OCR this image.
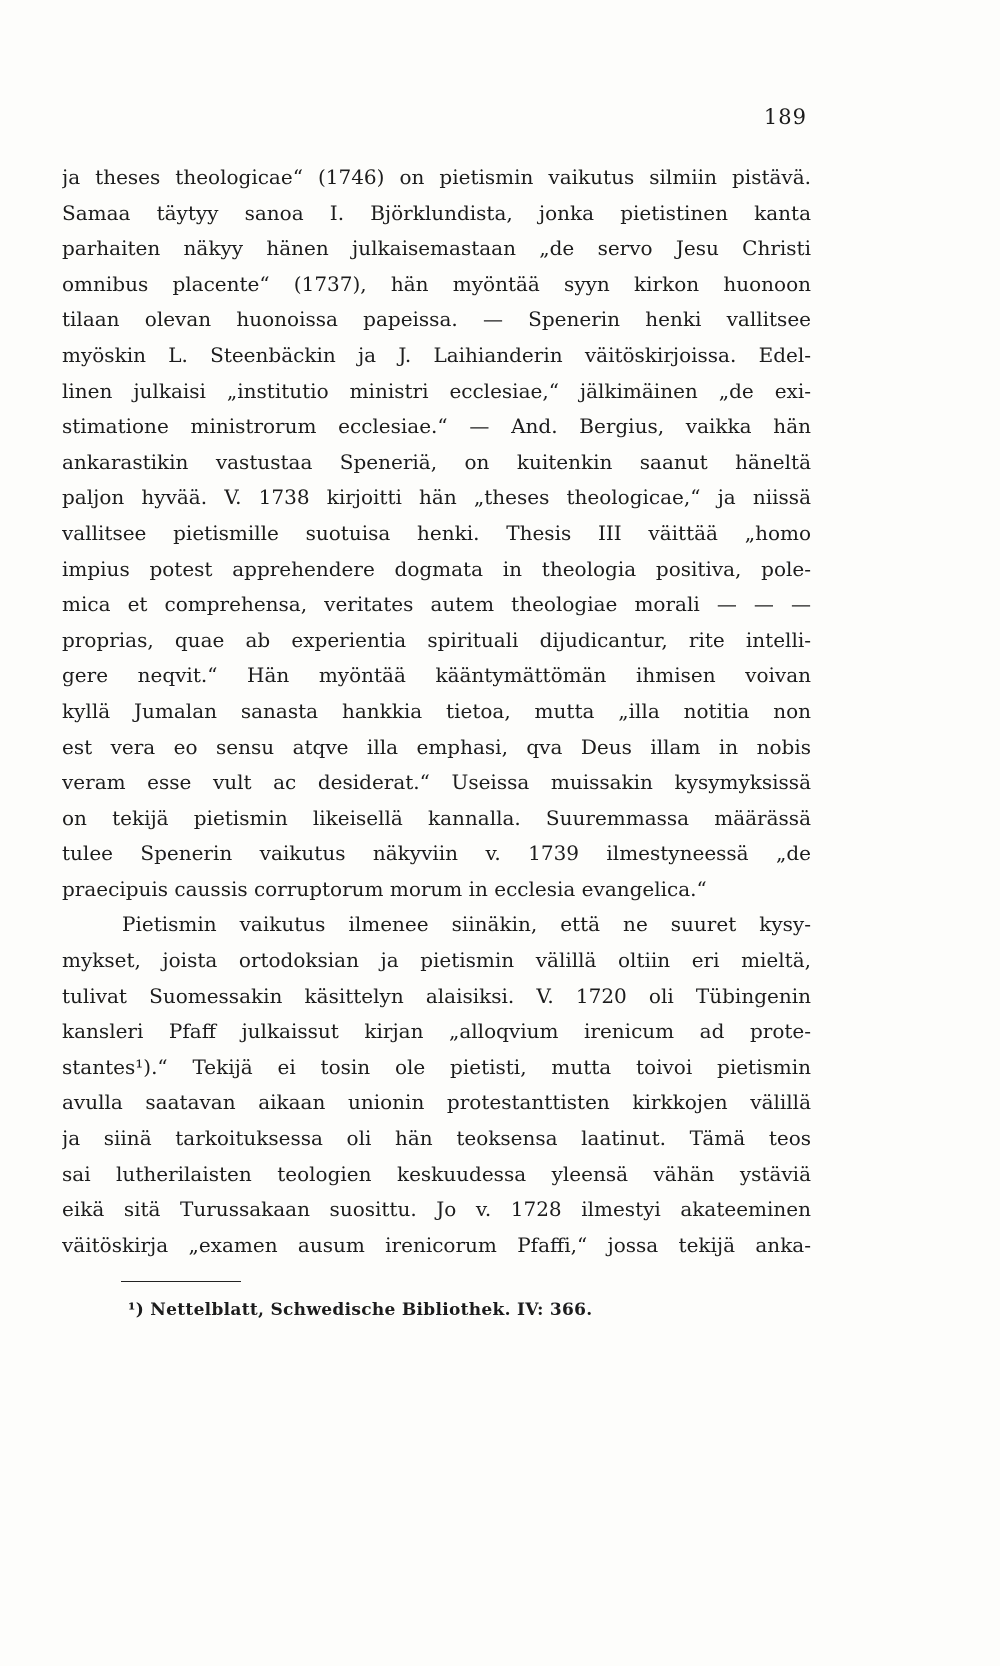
189
ja theses theologicae“ (1746) on pietismin vaikutus silmiin pistävä.
Samaa täytyy sanoa I. Björklundista, jonka pietistinen kanta
parhaiten näkyy hänen julkaisemastaan „de servo Jesu Christi
omnibus placente“ (1737), hän myöntää syyn kirkon huonoon
tilaan olevan huonoissa papeissa. — Spenerin henki vallitsee
myöskin L. Steenbäckin ja J. Laihianderin väitöskirjoissa. Edel-
linen julkaisi „institutio ministri ecclesiae,“ jälkimäinen „de exi-
stimatione ministrorum ecclesiae.“ — And. Bergius, vaikka hän
ankarastikin vastustaa Speneriä, on kuitenkin saanut häneltä
paljon hyvää. V. 1738 kirjoitti hän „theses theologicae,“ ja niissä
vallitsee pietismille suotuisa henki. Thesis III väittää „homo
impius potest apprehendere dogmata in theologia positiva, pole-
mica et comprehensa, veritates autem theologiae morali — — —
proprias, quae ab experientia spirituali dijudicantur, rite intelli-
gere neqvit.“ Hän myöntää kääntymättömän ihmisen voivan
kyllä Jumalan sanasta hankkia tietoa, mutta „illa notitia non
est vera eo sensu atqve illa emphasi, qva Deus illam in nobis
veram esse vult ac desiderat.“ Useissa muissakin kysymyksissä
on tekijä pietismin likeisellä kannalla. Suuremmassa määrässä
tulee Spenerin vaikutus näkyviin v. 1739 ilmestyneessä „de
praecipuis caussis corruptorum morum in ecclesia evangelica.“
Pietismin vaikutus ilmenee siinäkin, että ne suuret kysy-
mykset, joista ortodoksian ja pietismin välillä oltiin eri mieltä,
tulivat Suomessakin käsittelyn alaisiksi. V. 1720 oli Tübingenin
kansleri Pfaff julkaissut kirjan „alloqvium irenicum ad prote-
stantes¹).“ Tekijä ei tosin ole pietisti, mutta toivoi pietismin
avulla saatavan aikaan unionin protestanttisten kirkkojen välillä
ja siinä tarkoituksessa oli hän teoksensa laatinut. Tämä teos
sai lutherilaisten teologien keskuudessa yleensä vähän ystäviä
eikä sitä Turussakaan suosittu. Jo v. 1728 ilmestyi akateeminen
väitöskirja „examen ausum irenicorum Pfaffi,“ jossa tekijä anka-
¹) Nettelblatt, Schwedische Bibliothek. IV: 366.
